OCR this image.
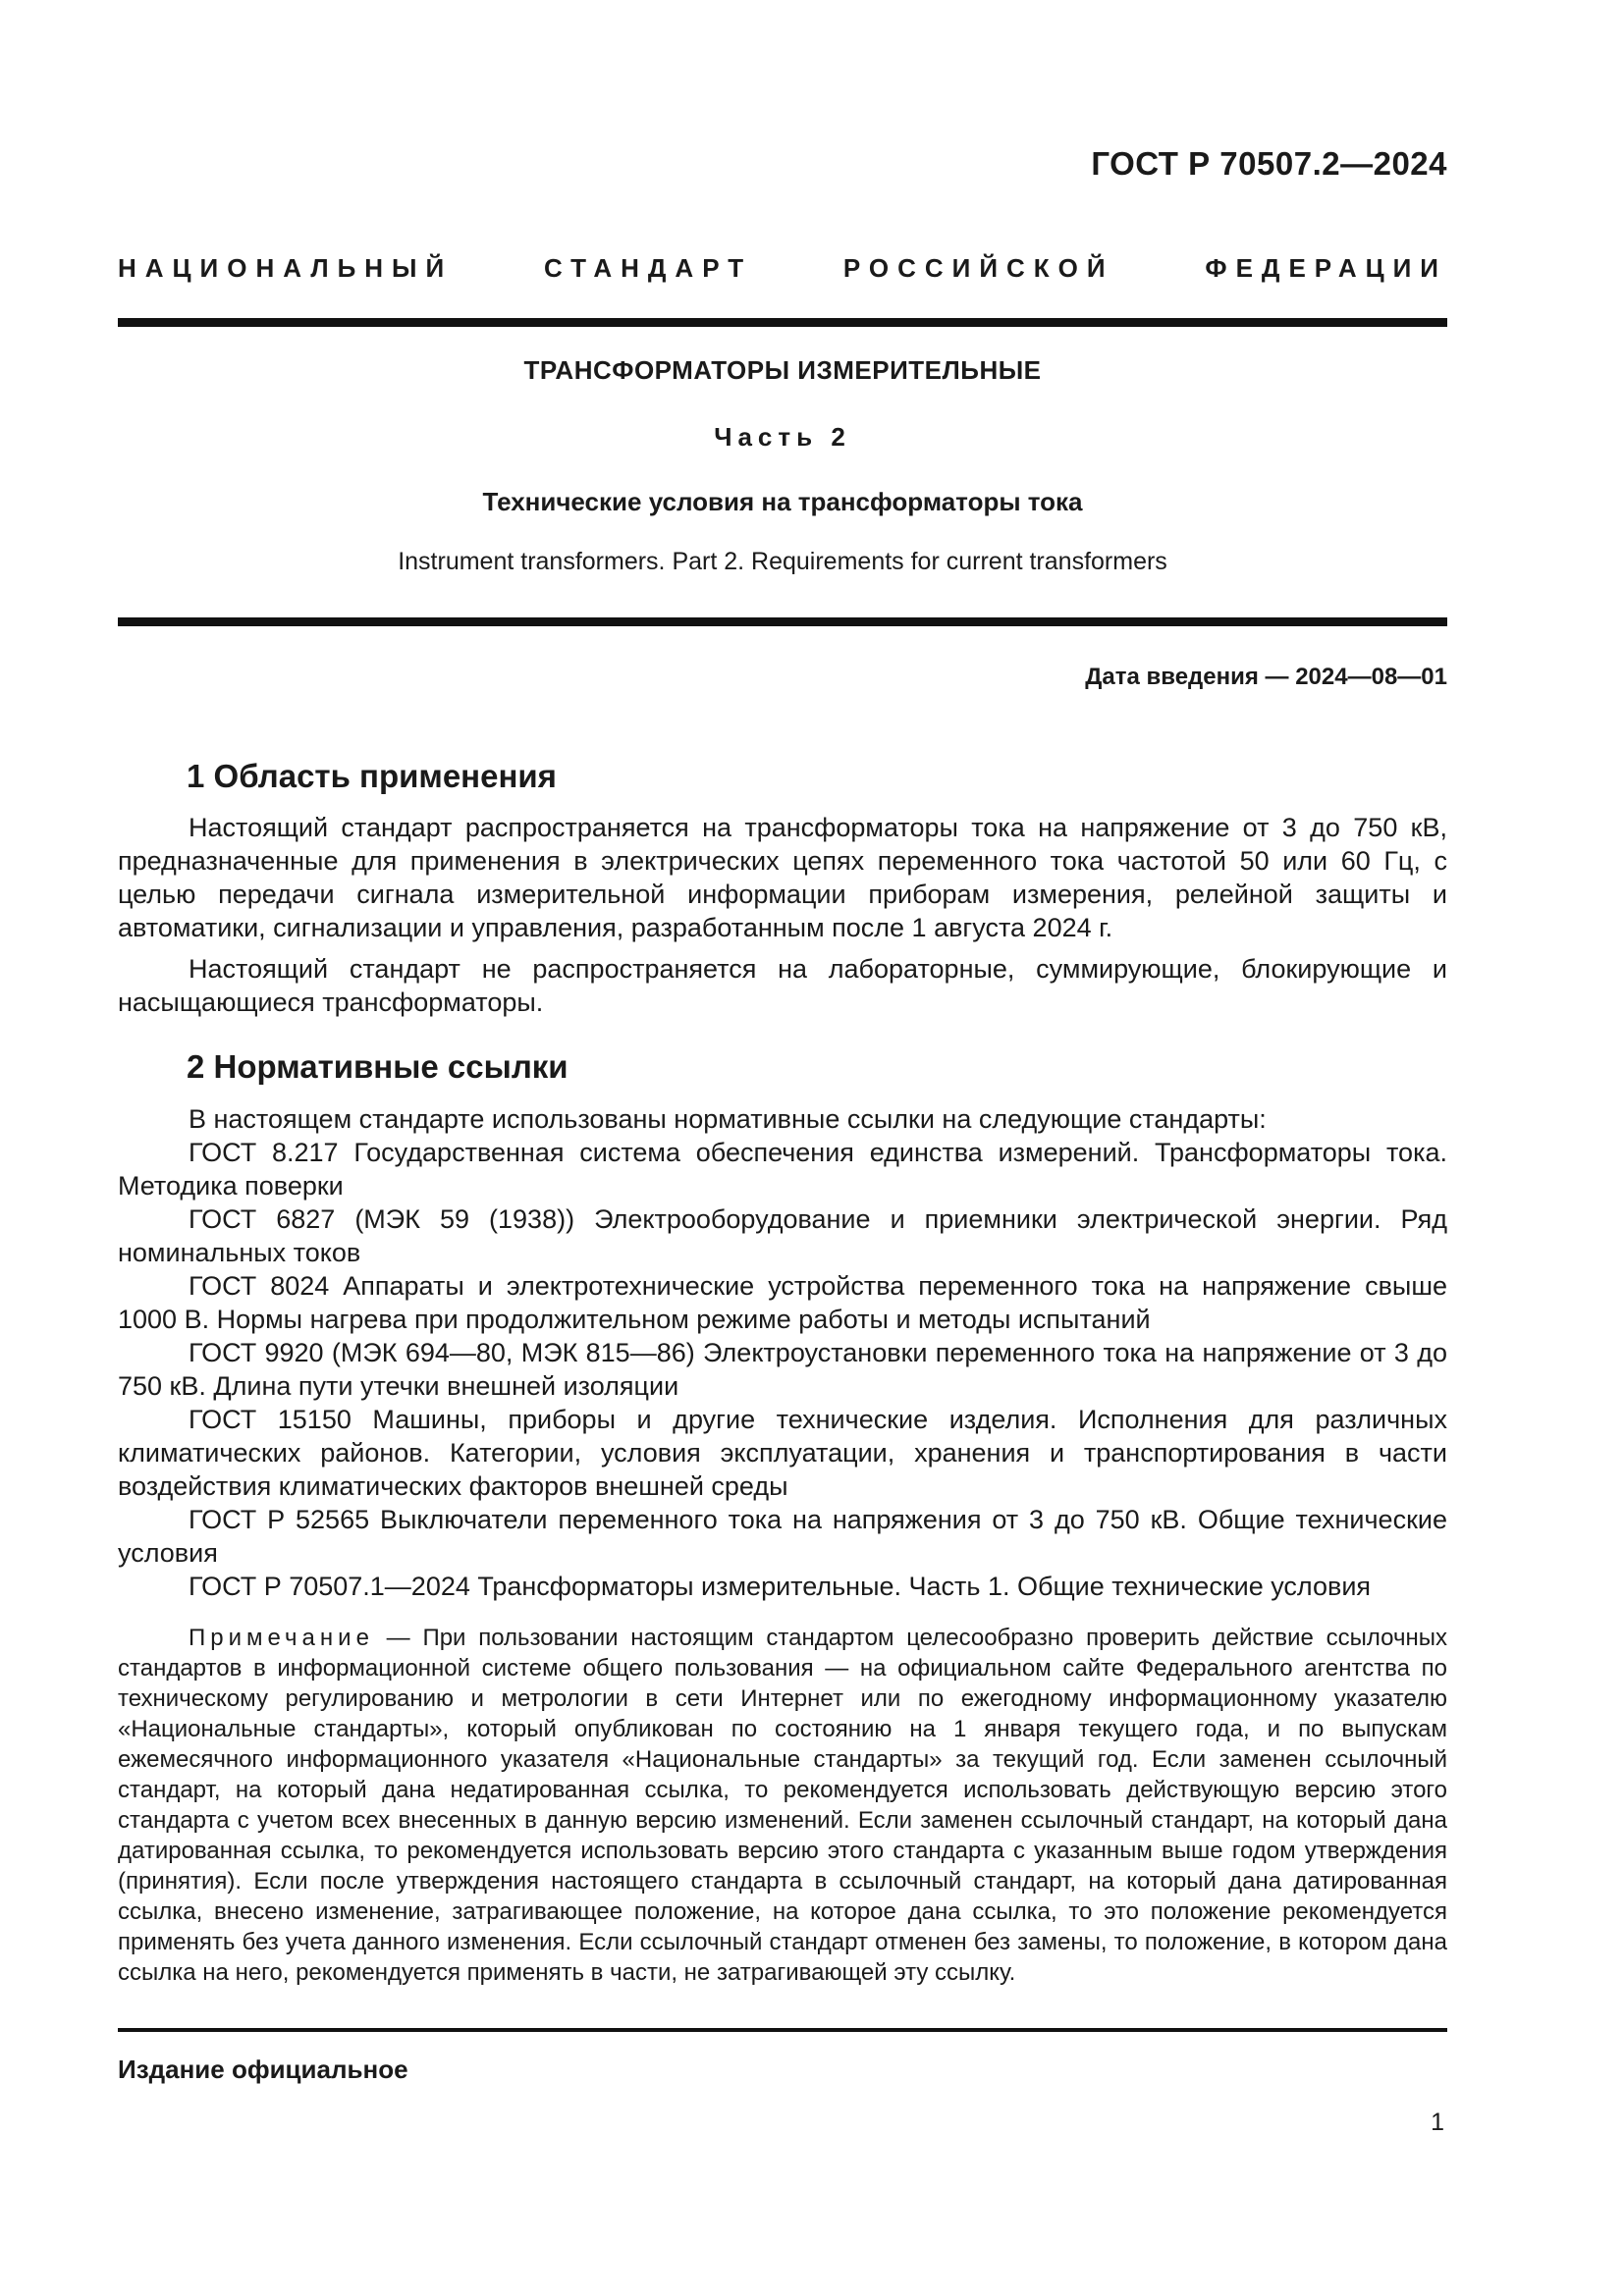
ГОСТ Р 70507.2—2024
НАЦИОНАЛЬНЫЙ СТАНДАРТ РОССИЙСКОЙ ФЕДЕРАЦИИ
ТРАНСФОРМАТОРЫ ИЗМЕРИТЕЛЬНЫЕ
Часть 2
Технические условия на трансформаторы тока
Instrument transformers. Part 2. Requirements for current transformers
Дата введения — 2024—08—01
1 Область применения

Настоящий стандарт распространяется на трансформаторы тока на напряжение от 3 до 750 кВ, предназначенные для применения в электрических цепях переменного тока частотой 50 или 60 Гц, с целью передачи сигнала измерительной информации приборам измерения, релейной защиты и автоматики, сигнализации и управления, разработанным после 1 августа 2024 г.

Настоящий стандарт не распространяется на лабораторные, суммирующие, блокирующие и насыщающиеся трансформаторы.

2 Нормативные ссылки

В настоящем стандарте использованы нормативные ссылки на следующие стандарты:

ГОСТ 8.217 Государственная система обеспечения единства измерений. Трансформаторы тока. Методика поверки

ГОСТ 6827 (МЭК 59 (1938)) Электрооборудование и приемники электрической энергии. Ряд номинальных токов

ГОСТ 8024 Аппараты и электротехнические устройства переменного тока на напряжение свыше 1000 В. Нормы нагрева при продолжительном режиме работы и методы испытаний

ГОСТ 9920 (МЭК 694—80, МЭК 815—86) Электроустановки переменного тока на напряжение от 3 до 750 кВ. Длина пути утечки внешней изоляции

ГОСТ 15150 Машины, приборы и другие технические изделия. Исполнения для различных климатических районов. Категории, условия эксплуатации, хранения и транспортирования в части воздействия климатических факторов внешней среды

ГОСТ Р 52565 Выключатели переменного тока на напряжения от 3 до 750 кВ. Общие технические условия

ГОСТ Р 70507.1—2024 Трансформаторы измерительные. Часть 1. Общие технические условия

Примечание — При пользовании настоящим стандартом целесообразно проверить действие ссылочных стандартов в информационной системе общего пользования — на официальном сайте Федерального агентства по техническому регулированию и метрологии в сети Интернет или по ежегодному информационному указателю «Национальные стандарты», который опубликован по состоянию на 1 января текущего года, и по выпускам ежемесячного информационного указателя «Национальные стандарты» за текущий год. Если заменен ссылочный стандарт, на который дана недатированная ссылка, то рекомендуется использовать действующую версию этого стандарта с учетом всех внесенных в данную версию изменений. Если заменен ссылочный стандарт, на который дана датированная ссылка, то рекомендуется использовать версию этого стандарта с указанным выше годом утверждения (принятия). Если после утверждения настоящего стандарта в ссылочный стандарт, на который дана датированная ссылка, внесено изменение, затрагивающее положение, на которое дана ссылка, то это положение рекомендуется применять без учета данного изменения. Если ссылочный стандарт отменен без замены, то положение, в котором дана ссылка на него, рекомендуется применять в части, не затрагивающей эту ссылку.

Издание официальное
1
